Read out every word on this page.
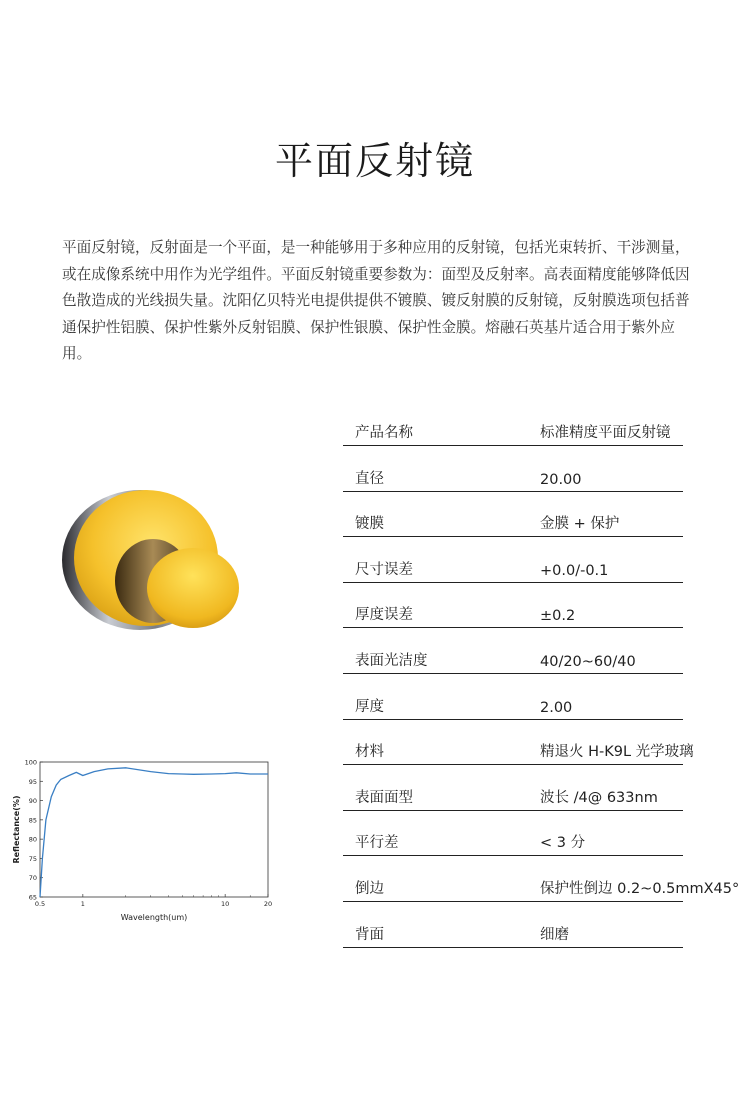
平面反射镜

平面反射镜，反射面是一个平面，是一种能够用于多种应用的反射镜，包括光束转折、干涉测量，或在成像系统中用作为光学组件。平面反射镜重要参数为：面型及反射率。高表面精度能够降低因色散造成的光线损失量。沈阳亿贝特光电提供提供不镀膜、镀反射膜的反射镜，反射膜选项包括普通保护性铝膜、保护性紫外反射铝膜、保护性银膜、保护性金膜。熔融石英基片适合用于紫外应用。

产品名称	标准精度平面反射镜
直径	20.00
镀膜	金膜 + 保护
尺寸误差	+0.0/-0.1
厚度误差	±0.2
表面光洁度	40/20~60/40
厚度	2.00
材料	精退火 H-K9L 光学玻璃
表面面型	波长 /4@ 633nm
平行差	< 3 分
倒边	保护性倒边 0.2~0.5mmX45°
背面	细磨
65
70
75
80
85
90
95
100
0.5	1	10	20
Wavelength(um)
Reflectance(%)
